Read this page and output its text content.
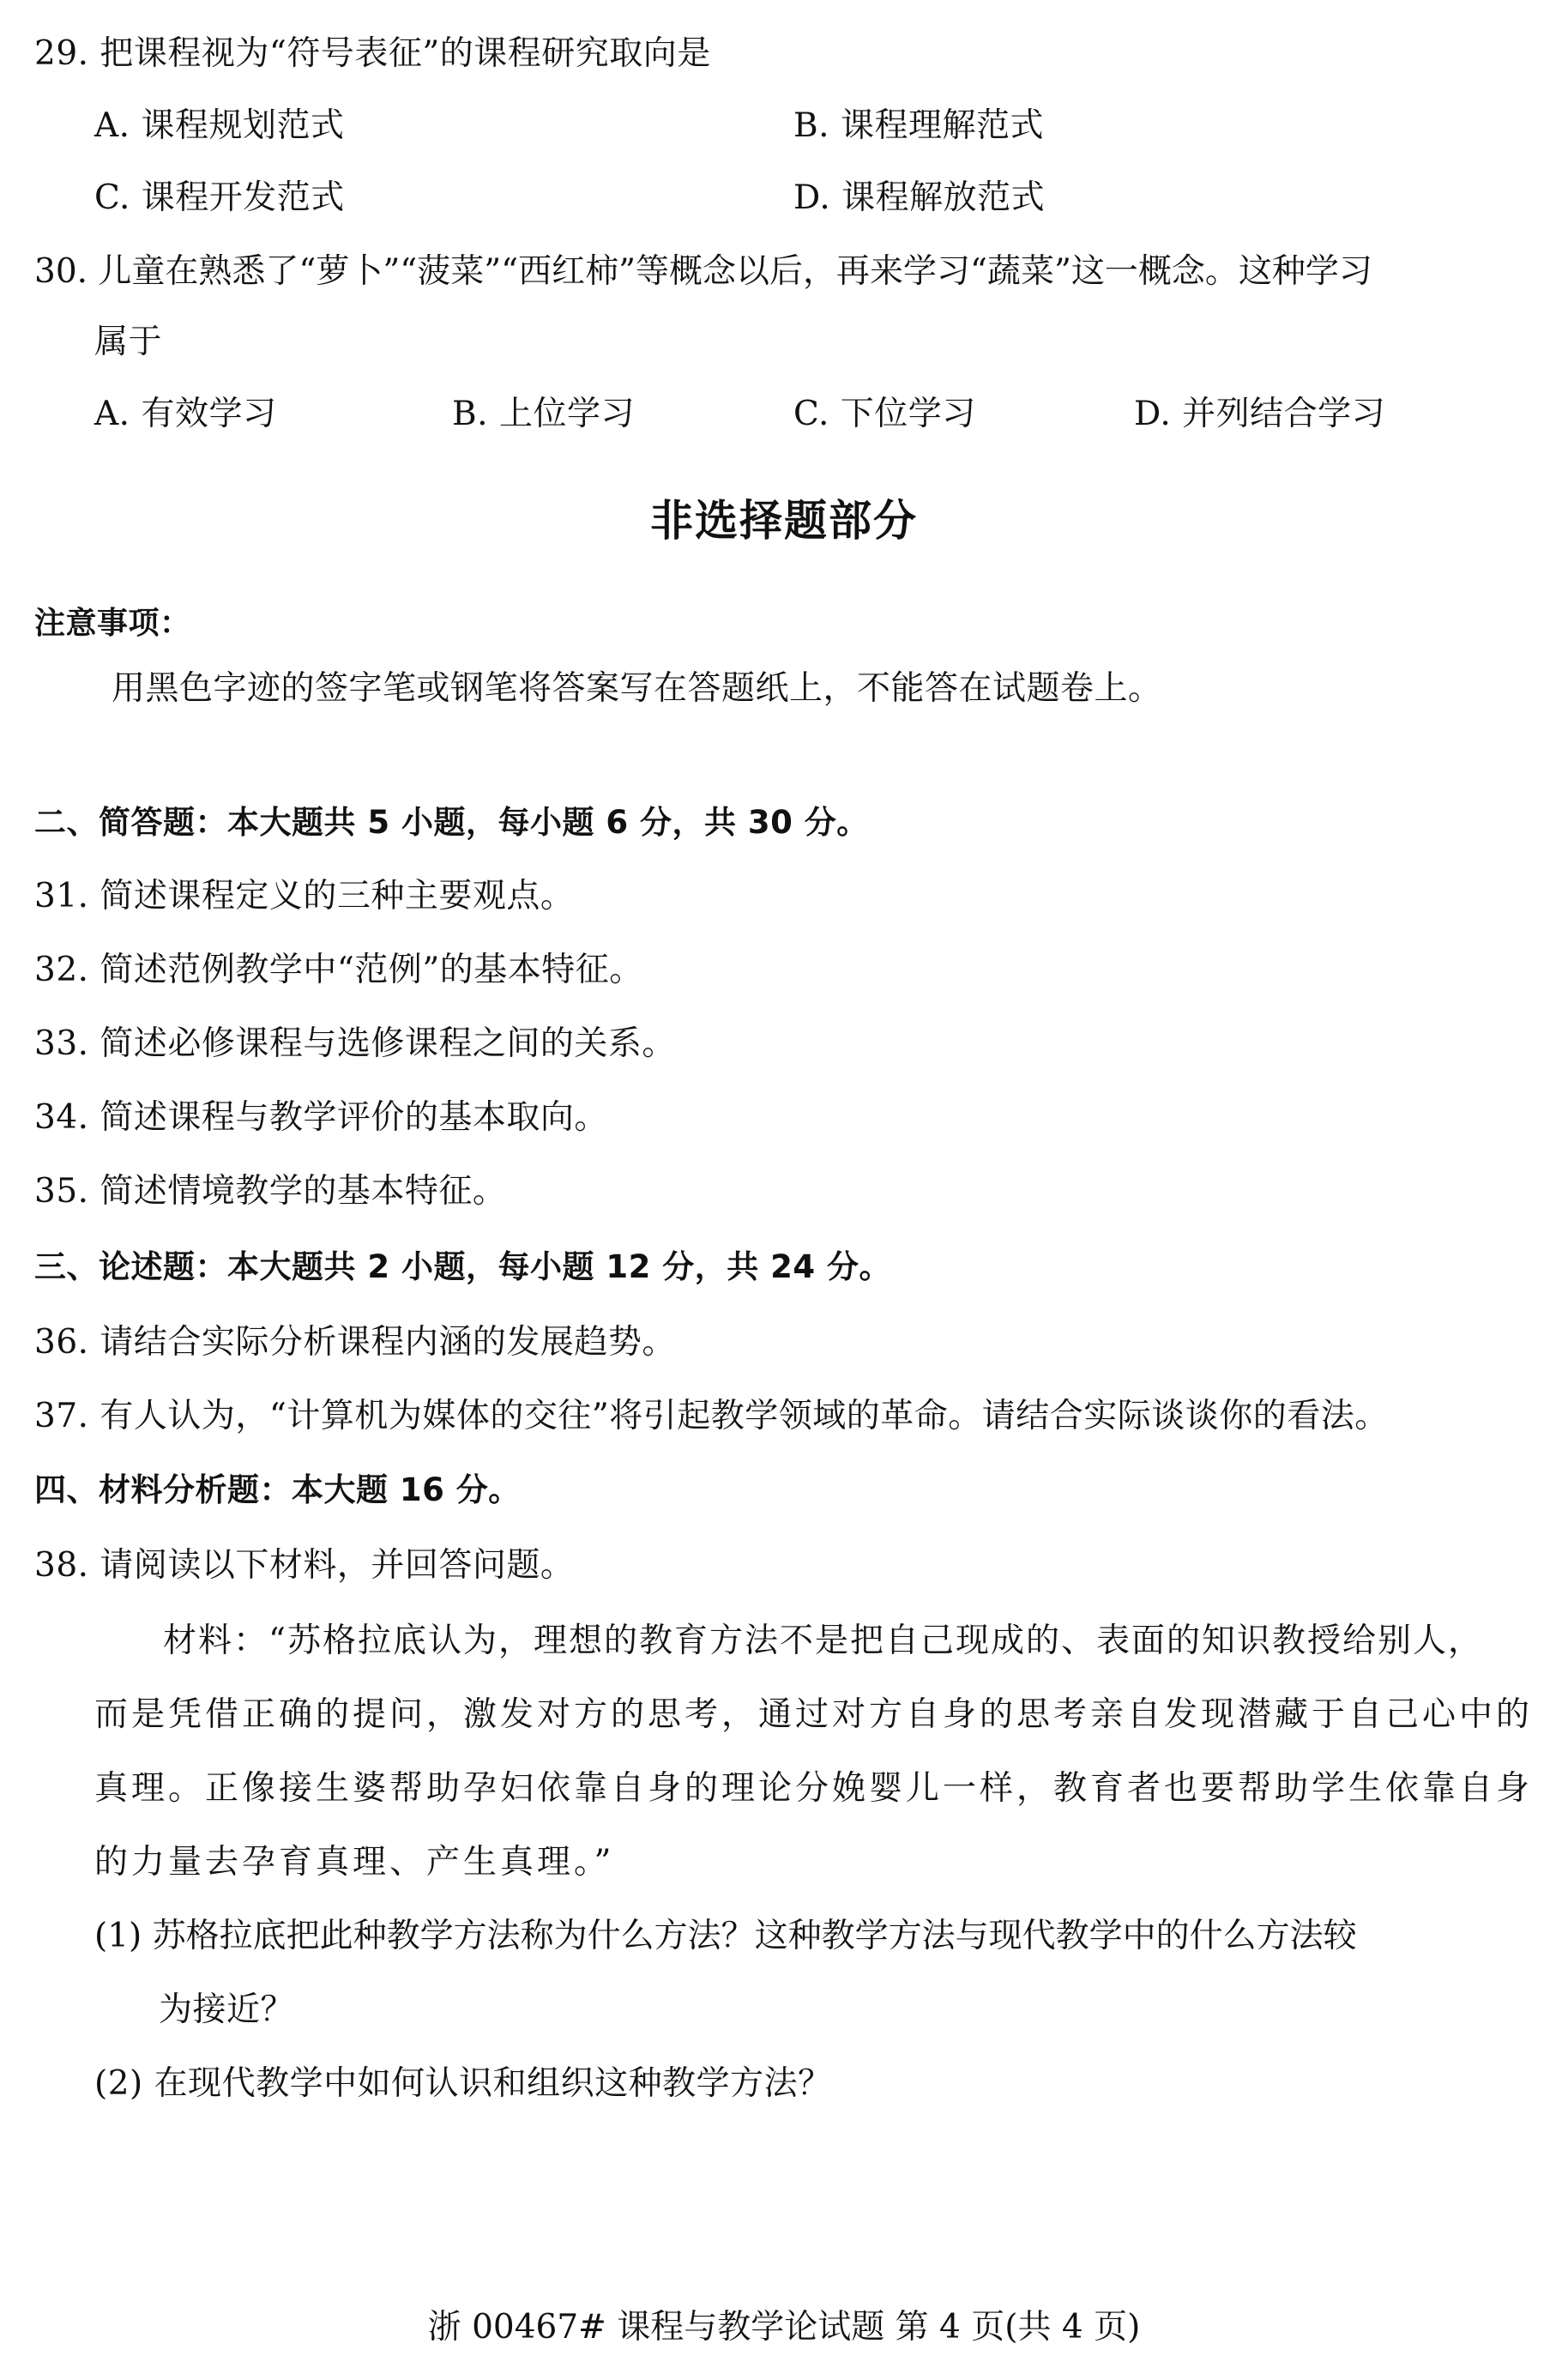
29. 把课程视为“符号表征”的课程研究取向是
A. 课程规划范式	B. 课程理解范式
C. 课程开发范式	D. 课程解放范式
30. 儿童在熟悉了“萝卜”“菠菜”“西红柿”等概念以后，再来学习“蔬菜”这一概念。这种学习
属于
A. 有效学习	B. 上位学习	C. 下位学习	D. 并列结合学习
非选择题部分
注意事项：
用黑色字迹的签字笔或钢笔将答案写在答题纸上，不能答在试题卷上。
二、简答题：本大题共 5 小题，每小题 6 分，共 30 分。
31. 简述课程定义的三种主要观点。
32. 简述范例教学中“范例”的基本特征。
33. 简述必修课程与选修课程之间的关系。
34. 简述课程与教学评价的基本取向。
35. 简述情境教学的基本特征。
三、论述题：本大题共 2 小题，每小题 12 分，共 24 分。
36. 请结合实际分析课程内涵的发展趋势。
37. 有人认为，“计算机为媒体的交往”将引起教学领域的革命。请结合实际谈谈你的看法。
四、材料分析题：本大题 16 分。
38. 请阅读以下材料，并回答问题。
材料：“苏格拉底认为，理想的教育方法不是把自己现成的、表面的知识教授给别人，
而是凭借正确的提问，激发对方的思考，通过对方自身的思考亲自发现潜藏于自己心中的
真理。正像接生婆帮助孕妇依靠自身的理论分娩婴儿一样，教育者也要帮助学生依靠自身
的力量去孕育真理、产生真理。”
(1) 苏格拉底把此种教学方法称为什么方法？这种教学方法与现代教学中的什么方法较
为接近？
(2) 在现代教学中如何认识和组织这种教学方法？
浙 00467# 课程与教学论试题 第 4 页(共 4 页)
